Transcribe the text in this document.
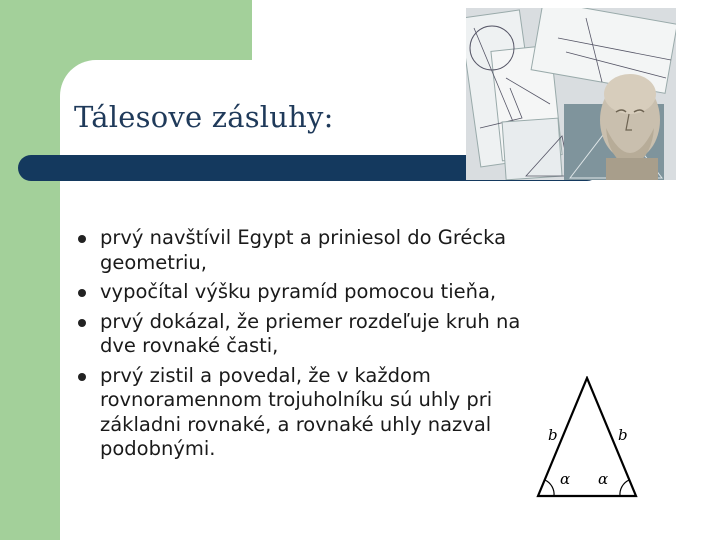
Tálesove zásluhy:
prvý navštívil Egypt a priniesol do Grécka geometriu,
vypočítal výšku pyramíd pomocou tieňa,
prvý dokázal, že priemer rozdeľuje kruh na dve rovnaké časti,
prvý zistil a povedal, že v každom rovnoramennom trojuholníku sú uhly pri základni rovnaké, a rovnaké uhly nazval podobnými.
b	b
α α
